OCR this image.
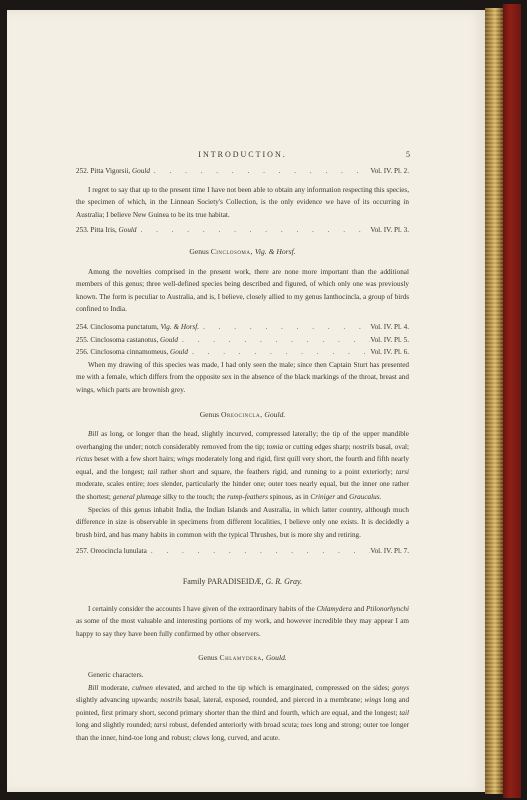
INTRODUCTION.	5
252. Pitta Vigorsii, Gould . . .	Vol. IV. Pl. 2.

I regret to say that up to the present time I have not been able to obtain any information respecting this species, the specimen of which, in the Linnean Society's Collection, is the only evidence we have of its occurring in Australia; I believe New Guinea to be its true habitat.

253. Pitta Iris, Gould . . .	Vol. IV. Pl. 3.
Genus Cinclosoma, Vig. & Horsf.

Among the novelties comprised in the present work, there are none more important than the additional members of this genus; three well-defined species being described and figured, of which only one was previously known. The form is peculiar to Australia, and is, I believe, closely allied to my genus Ianthocincla, a group of birds confined to India.

254. Cinclosoma punctatum, Vig. & Horsf. . . .	Vol. IV. Pl. 4.
255. Cinclosoma castanotus, Gould . . .	Vol. IV. Pl. 5.
256. Cinclosoma cinnamomeus, Gould . . .	Vol. IV. Pl. 6.

When my drawing of this species was made, I had only seen the male; since then Captain Sturt has presented me with a female, which differs from the opposite sex in the absence of the black markings of the throat, breast and wings, which parts are brownish grey.

Genus Oreocincla, Gould.

Bill as long, or longer than the head, slightly incurved, compressed laterally; the tip of the upper mandible overhanging the under; notch considerably removed from the tip; tomia or cutting edges sharp; nostrils basal, oval; rictus beset with a few short hairs; wings moderately long and rigid, first quill very short, the fourth and fifth nearly equal, and the longest; tail rather short and square, the feathers rigid, and running to a point exteriorly; tarsi moderate, scales entire; toes slender, particularly the hinder one; outer toes nearly equal, but the inner one rather the shortest; general plumage silky to the touch; the rump-feathers spinous, as in Criniger and Graucalus.

Species of this genus inhabit India, the Indian Islands and Australia, in which latter country, although much difference in size is observable in specimens from different localities, I believe only one exists. It is decidedly a brush bird, and has many habits in common with the typical Thrushes, but is more shy and retiring.

257. Oreocincla lunulata . . .	Vol. IV. Pl. 7.
Family PARADISEIDÆ, G. R. Gray.

I certainly consider the accounts I have given of the extraordinary habits of the Chlamydera and Ptilonorhynchi as some of the most valuable and interesting portions of my work, and however incredible they may appear I am happy to say they have been fully confirmed by other observers.

Genus Chlamydera, Gould.

Generic characters.

Bill moderate, culmen elevated, and arched to the tip which is emarginated, compressed on the sides; gonys slightly advancing upwards; nostrils basal, lateral, exposed, rounded, and pierced in a membrane; wings long and pointed, first primary short, second primary shorter than the third and fourth, which are equal, and the longest; tail long and slightly rounded; tarsi robust, defended anteriorly with broad scuta; toes long and strong; outer toe longer than the inner, hind-toe long and robust; claws long, curved, and acute.
